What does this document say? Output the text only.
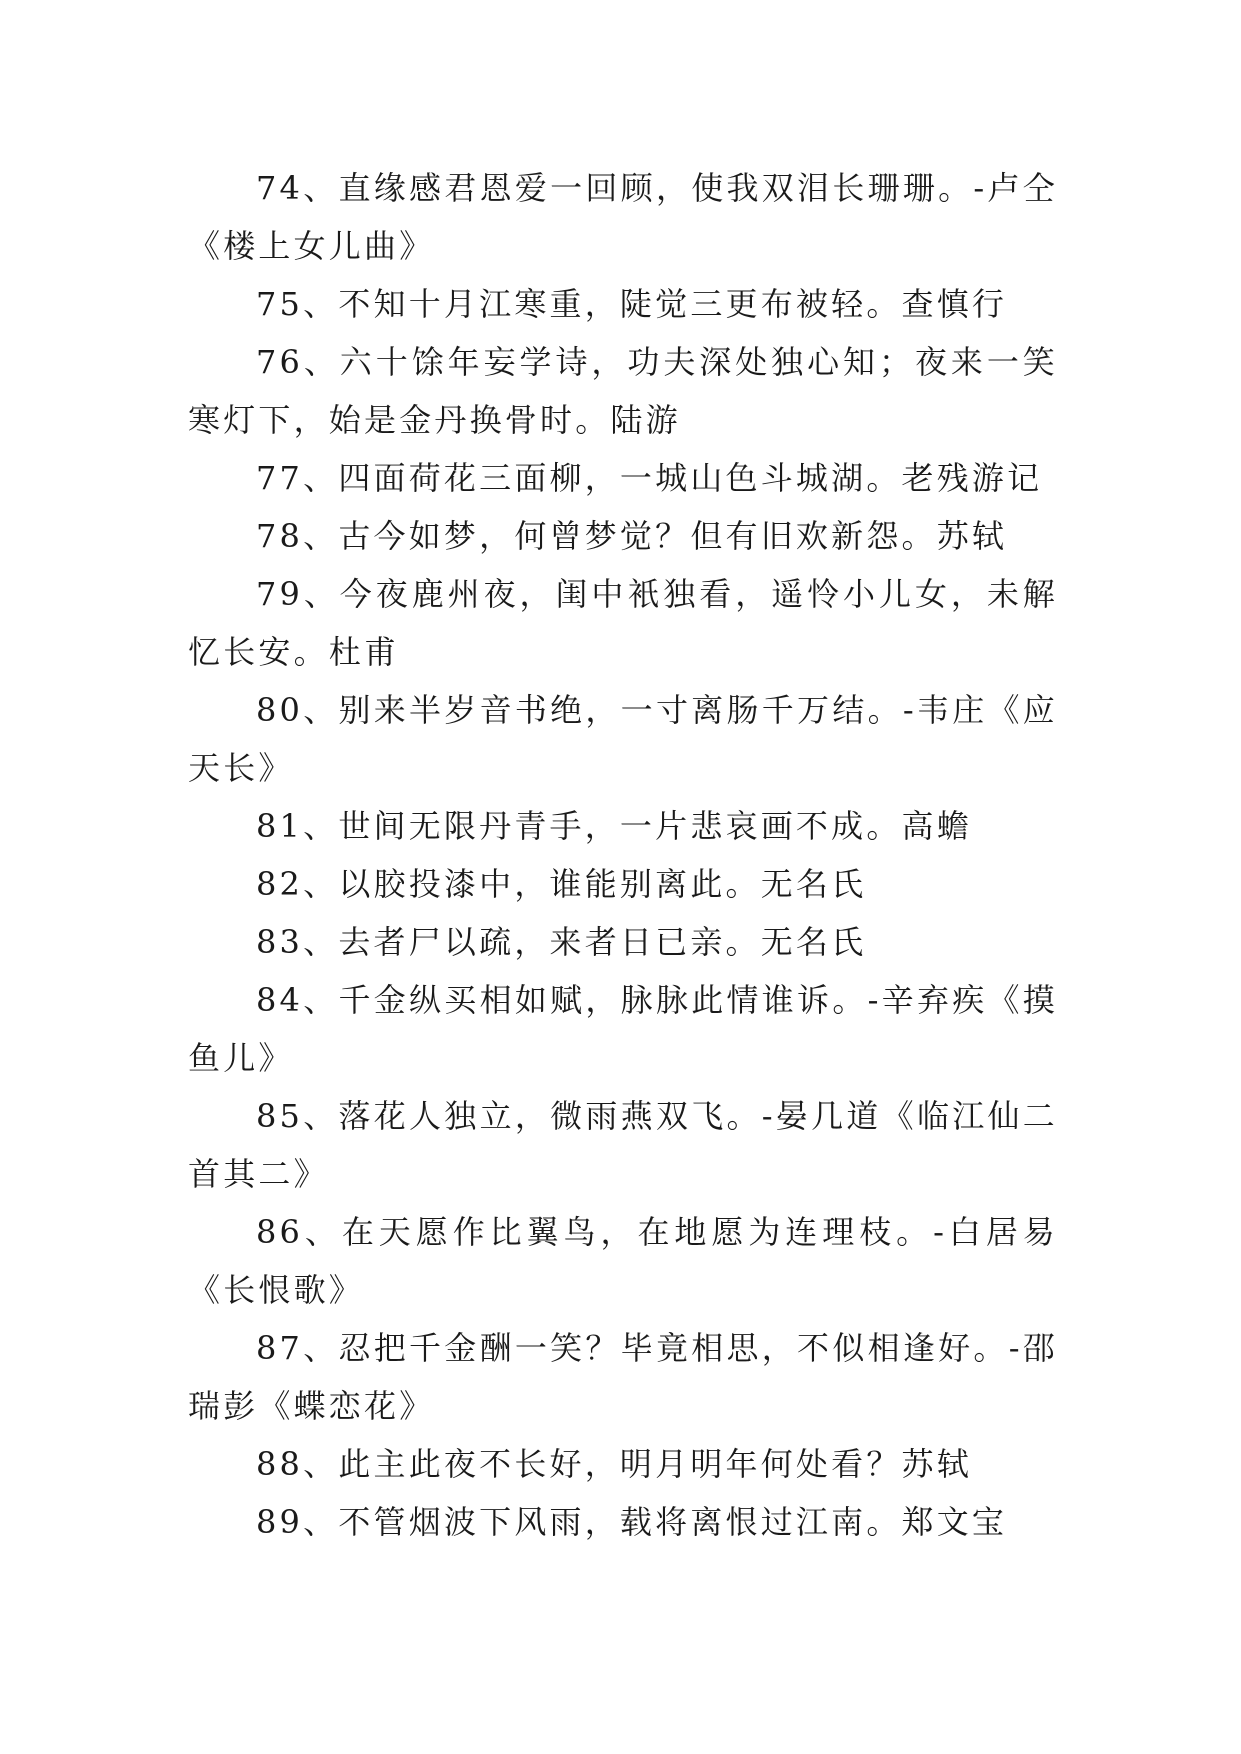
74、直缘感君恩爱一回顾，使我双泪长珊珊。-卢仝《楼上女儿曲》

75、不知十月江寒重，陡觉三更布被轻。查慎行

76、六十馀年妄学诗，功夫深处独心知；夜来一笑寒灯下，始是金丹换骨时。陆游

77、四面荷花三面柳，一城山色斗城湖。老残游记

78、古今如梦，何曾梦觉？但有旧欢新怨。苏轼

79、今夜鹿州夜，闺中衹独看，遥怜小儿女，未解忆长安。杜甫

80、别来半岁音书绝，一寸离肠千万结。-韦庄《应天长》

81、世间无限丹青手，一片悲哀画不成。高蟾

82、以胶投漆中，谁能别离此。无名氏

83、去者尸以疏，来者日已亲。无名氏

84、千金纵买相如赋，脉脉此情谁诉。-辛弃疾《摸鱼儿》

85、落花人独立，微雨燕双飞。-晏几道《临江仙二首其二》

86、在天愿作比翼鸟，在地愿为连理枝。-白居易《长恨歌》

87、忍把千金酬一笑？毕竟相思，不似相逢好。-邵瑞彭《蝶恋花》

88、此主此夜不长好，明月明年何处看？苏轼

89、不管烟波下风雨，载将离恨过江南。郑文宝
